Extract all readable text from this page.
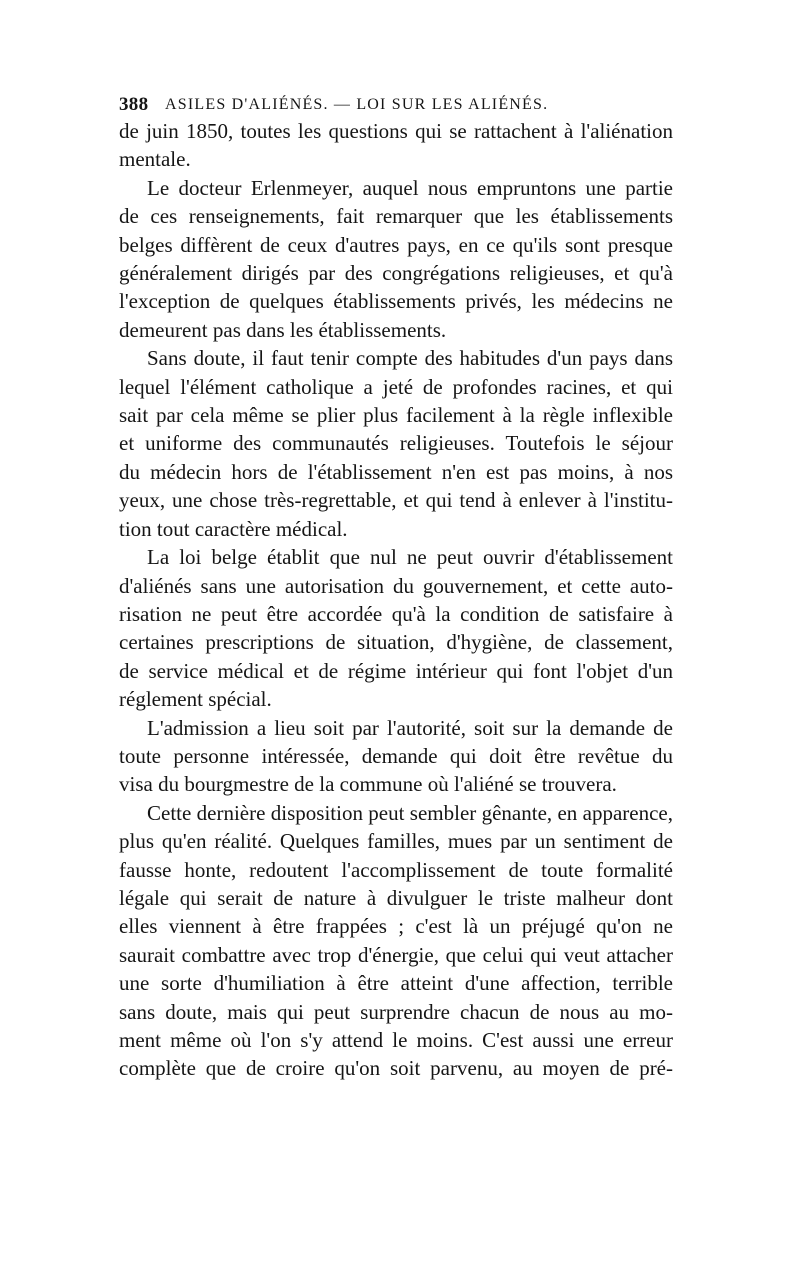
388	ASILES D'ALIÉNÉS. — LOI SUR LES ALIÉNÉS.

de juin 1850, toutes les questions qui se rattachent à l'aliénation
mentale.

Le docteur Erlenmeyer, auquel nous empruntons une partie
de ces renseignements, fait remarquer que les établissements
belges diffèrent de ceux d'autres pays, en ce qu'ils sont presque
généralement dirigés par des congrégations religieuses, et qu'à
l'exception de quelques établissements privés, les médecins ne
demeurent pas dans les établissements.

Sans doute, il faut tenir compte des habitudes d'un pays dans
lequel l'élément catholique a jeté de profondes racines, et qui
sait par cela même se plier plus facilement à la règle inflexible
et uniforme des communautés religieuses. Toutefois le séjour
du médecin hors de l'établissement n'en est pas moins, à nos
yeux, une chose très-regrettable, et qui tend à enlever à l'institu-
tion tout caractère médical.

La loi belge établit que nul ne peut ouvrir d'établissement
d'aliénés sans une autorisation du gouvernement, et cette auto-
risation ne peut être accordée qu'à la condition de satisfaire à
certaines prescriptions de situation, d'hygiène, de classement,
de service médical et de régime intérieur qui font l'objet d'un
réglement spécial.

L'admission a lieu soit par l'autorité, soit sur la demande de
toute personne intéressée, demande qui doit être revêtue du
visa du bourgmestre de la commune où l'aliéné se trouvera.

Cette dernière disposition peut sembler gênante, en apparence,
plus qu'en réalité. Quelques familles, mues par un sentiment de
fausse honte, redoutent l'accomplissement de toute formalité
légale qui serait de nature à divulguer le triste malheur dont
elles viennent à être frappées ; c'est là un préjugé qu'on ne
saurait combattre avec trop d'énergie, que celui qui veut attacher
une sorte d'humiliation à être atteint d'une affection, terrible
sans doute, mais qui peut surprendre chacun de nous au mo-
ment même où l'on s'y attend le moins. C'est aussi une erreur
complète que de croire qu'on soit parvenu, au moyen de pré-
